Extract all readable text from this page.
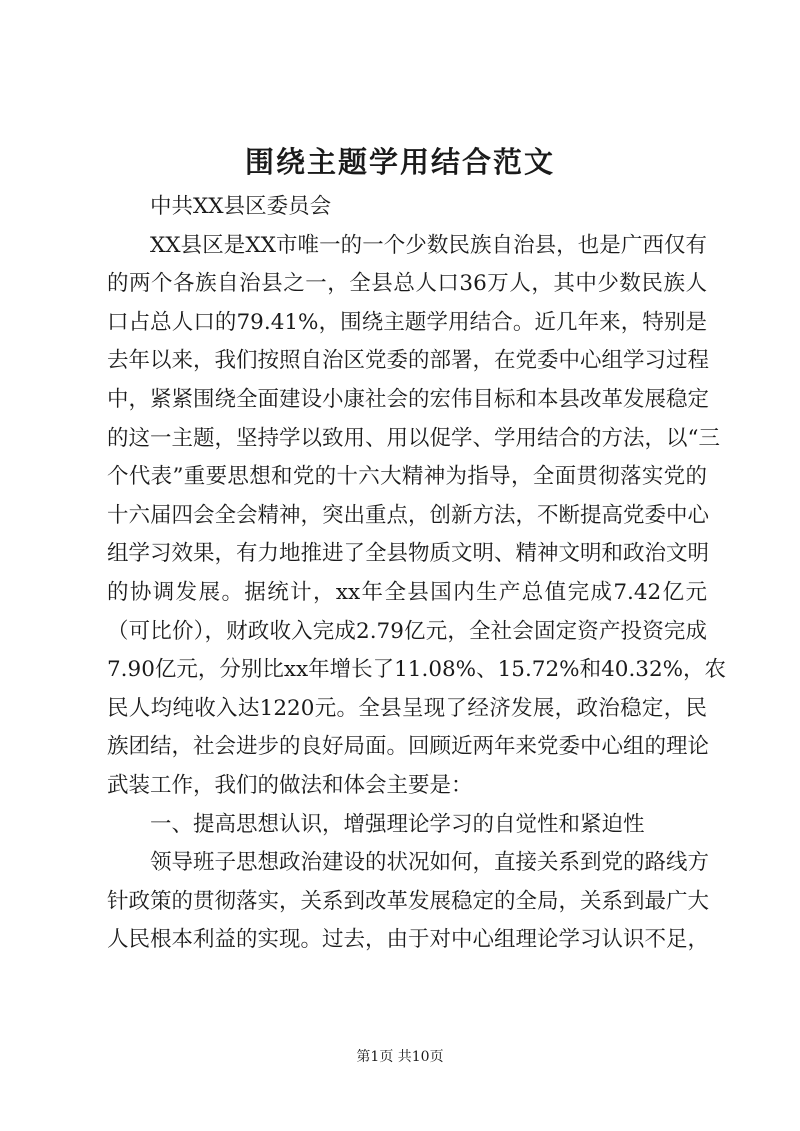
围绕主题学用结合范文
中共XX县区委员会
XX县区是XX市唯一的一个少数民族自治县，也是广西仅有
的两个各族自治县之一，全县总人口36万人，其中少数民族人
口占总人口的79.41%，围绕主题学用结合。近几年来，特别是
去年以来，我们按照自治区党委的部署，在党委中心组学习过程
中，紧紧围绕全面建设小康社会的宏伟目标和本县改革发展稳定
的这一主题，坚持学以致用、用以促学、学用结合的方法，以“三
个代表”重要思想和党的十六大精神为指导，全面贯彻落实党的
十六届四会全会精神，突出重点，创新方法，不断提高党委中心
组学习效果，有力地推进了全县物质文明、精神文明和政治文明
的协调发展。据统计，xx年全县国内生产总值完成7.42亿元
（可比价），财政收入完成2.79亿元，全社会固定资产投资完成
7.90亿元，分别比xx年增长了11.08%、15.72%和40.32%，农
民人均纯收入达1220元。全县呈现了经济发展，政治稳定，民
族团结，社会进步的良好局面。回顾近两年来党委中心组的理论
武装工作，我们的做法和体会主要是：
一、提高思想认识，增强理论学习的自觉性和紧迫性
领导班子思想政治建设的状况如何，直接关系到党的路线方
针政策的贯彻落实，关系到改革发展稳定的全局，关系到最广大
人民根本利益的实现。过去，由于对中心组理论学习认识不足，
第1页 共10页
